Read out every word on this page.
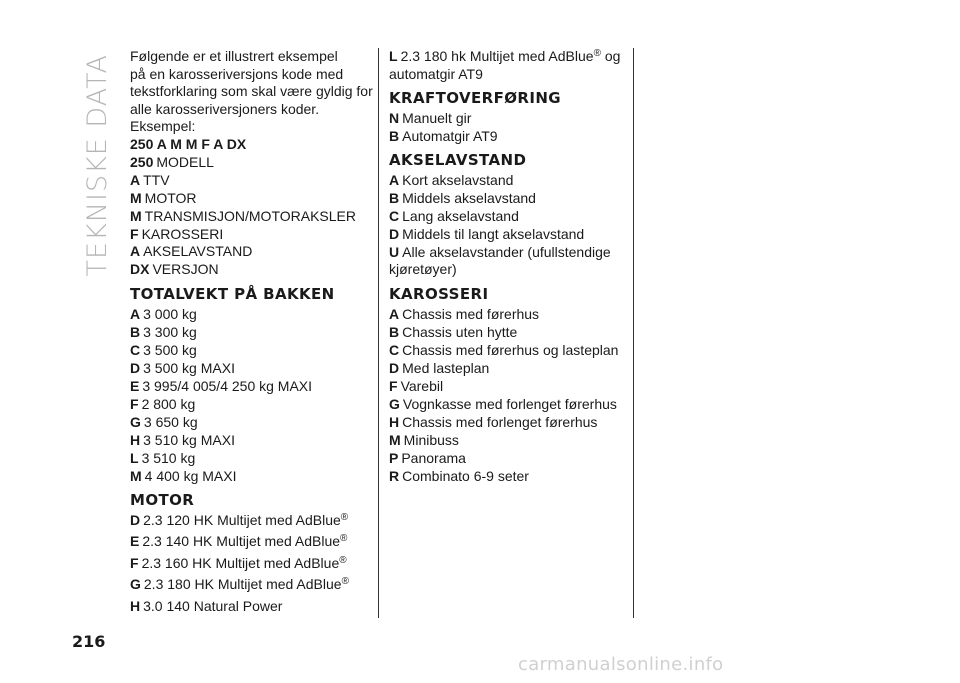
TEKNISKE DATA Følgende er et illustrert eksempel

på en karosseriversjons kode med

tekstforklaring som skal være gyldig for

alle karosseriversjoners koder.

Eksempel:

250 A M M F A DX
250 MODELL
A TTV
M MOTOR
M TRANSMISJON/MOTORAKSLER
F KAROSSERI
A AKSELAVSTAND
DX VERSJON
TOTALVEKT PÅ BAKKEN
A 3 000 kg
B 3 300 kg
C 3 500 kg
D 3 500 kg MAXI
E 3 995/4 005/4 250 kg MAXI
F 2 800 kg
G 3 650 kg
H 3 510 kg MAXI
L 3 510 kg
M 4 400 kg MAXI
MOTOR
D 2.3 120 HK Multijet med AdBlue®
E 2.3 140 HK Multijet med AdBlue®
F 2.3 160 HK Multijet med AdBlue®
G 2.3 180 HK Multijet med AdBlue®
H 3.0 140 Natural Power
L 2.3 180 hk Multijet med AdBlue® og
automatgir AT9
KRAFTOVERFØRING
N Manuelt gir
B Automatgir AT9
AKSELAVSTAND
A Kort akselavstand
B Middels akselavstand
C Lang akselavstand
D Middels til langt akselavstand
U Alle akselavstander (ufullstendige
kjøretøyer)
KAROSSERI
A Chassis med førerhus
B Chassis uten hytte
C Chassis med førerhus og lasteplan
D Med lasteplan
F Varebil
G Vognkasse med forlenget førerhus
H Chassis med forlenget førerhus
M Minibuss
P Panorama
R Combinato 6-9 seter
216
carmanualsonline.info
